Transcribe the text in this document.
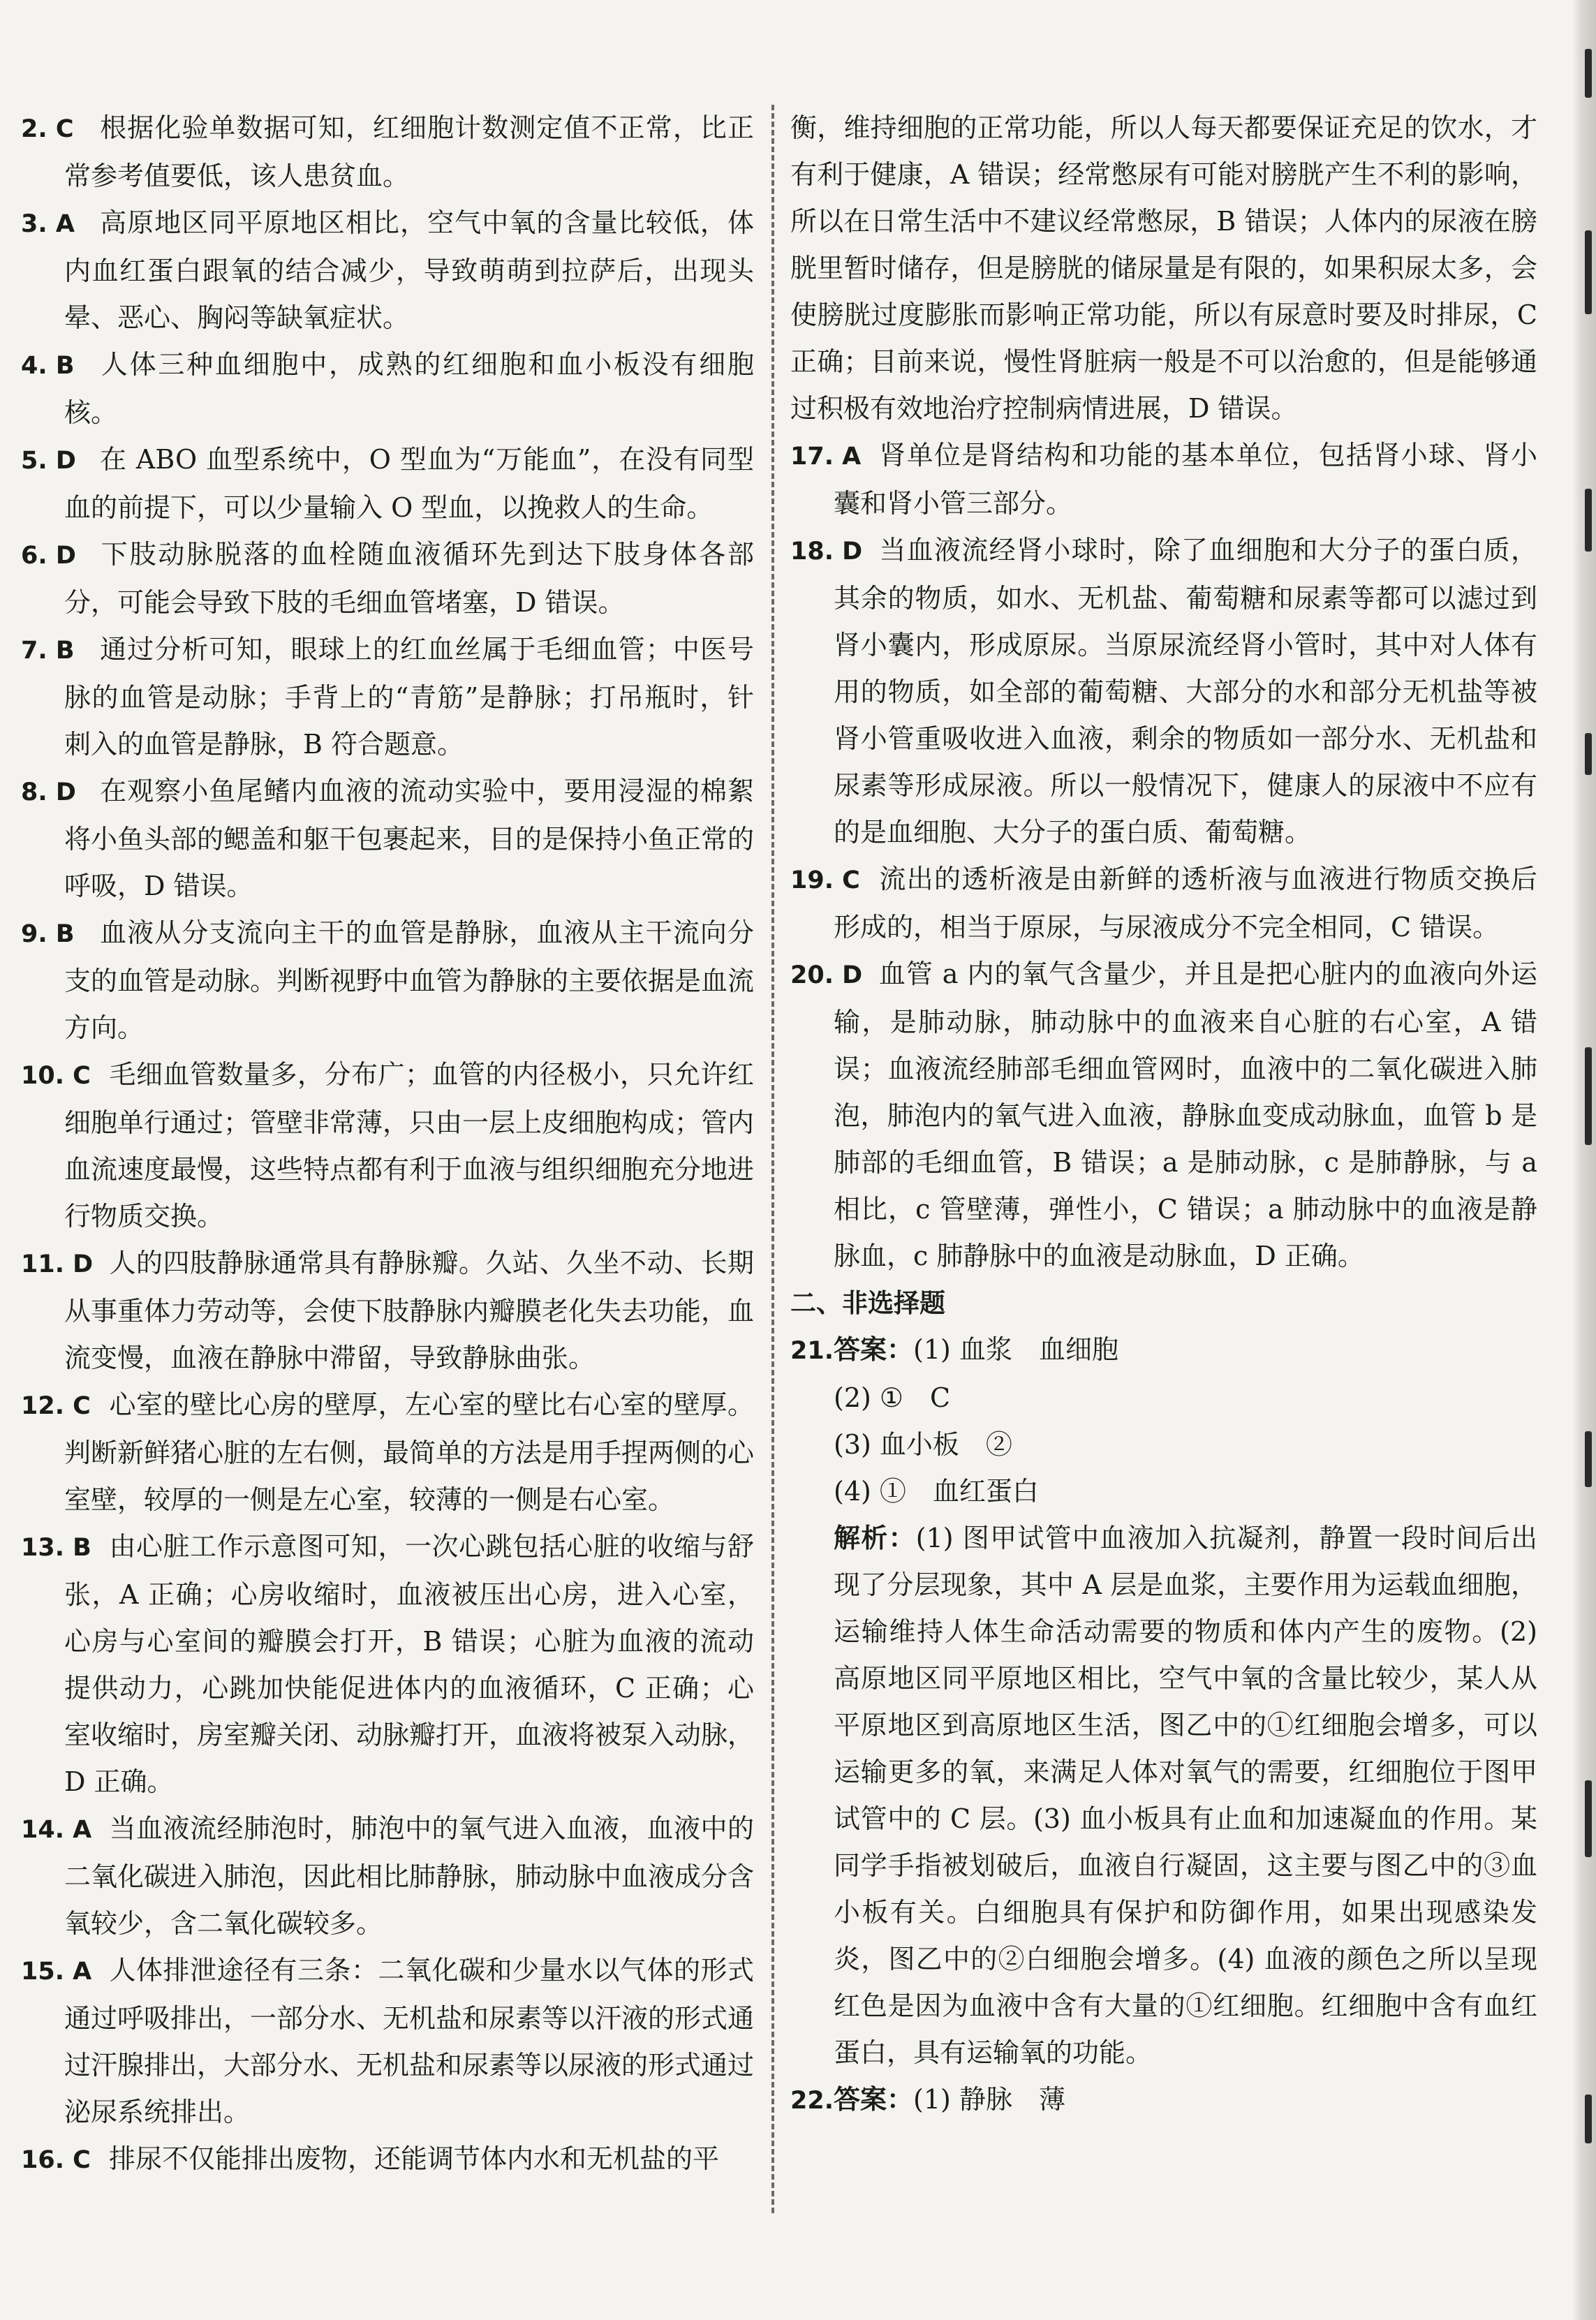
2. C 根据化验单数据可知，红细胞计数测定值不正常，比正常参考值要低，该人患贫血。
3. A 高原地区同平原地区相比，空气中氧的含量比较低，体内血红蛋白跟氧的结合减少，导致萌萌到拉萨后，出现头晕、恶心、胸闷等缺氧症状。
4. B 人体三种血细胞中，成熟的红细胞和血小板没有细胞核。
5. D 在 ABO 血型系统中，O 型血为“万能血”，在没有同型血的前提下，可以少量输入 O 型血，以挽救人的生命。
6. D 下肢动脉脱落的血栓随血液循环先到达下肢身体各部分，可能会导致下肢的毛细血管堵塞，D 错误。
7. B 通过分析可知，眼球上的红血丝属于毛细血管；中医号脉的血管是动脉；手背上的“青筋”是静脉；打吊瓶时，针刺入的血管是静脉，B 符合题意。
8. D 在观察小鱼尾鳍内血液的流动实验中，要用浸湿的棉絮将小鱼头部的鳃盖和躯干包裹起来，目的是保持小鱼正常的呼吸，D 错误。
9. B 血液从分支流向主干的血管是静脉，血液从主干流向分支的血管是动脉。判断视野中血管为静脉的主要依据是血流方向。
10. C 毛细血管数量多，分布广；血管的内径极小，只允许红细胞单行通过；管壁非常薄，只由一层上皮细胞构成；管内血流速度最慢，这些特点都有利于血液与组织细胞充分地进行物质交换。
11. D 人的四肢静脉通常具有静脉瓣。久站、久坐不动、长期从事重体力劳动等，会使下肢静脉内瓣膜老化失去功能，血流变慢，血液在静脉中滞留，导致静脉曲张。
12. C 心室的壁比心房的壁厚，左心室的壁比右心室的壁厚。判断新鲜猪心脏的左右侧，最简单的方法是用手捏两侧的心室壁，较厚的一侧是左心室，较薄的一侧是右心室。
13. B 由心脏工作示意图可知，一次心跳包括心脏的收缩与舒张，A 正确；心房收缩时，血液被压出心房，进入心室，心房与心室间的瓣膜会打开，B 错误；心脏为血液的流动提供动力，心跳加快能促进体内的血液循环，C 正确；心室收缩时，房室瓣关闭、动脉瓣打开，血液将被泵入动脉，D 正确。
14. A 当血液流经肺泡时，肺泡中的氧气进入血液，血液中的二氧化碳进入肺泡，因此相比肺静脉，肺动脉中血液成分含氧较少，含二氧化碳较多。
15. A 人体排泄途径有三条：二氧化碳和少量水以气体的形式通过呼吸排出，一部分水、无机盐和尿素等以汗液的形式通过汗腺排出，大部分水、无机盐和尿素等以尿液的形式通过泌尿系统排出。
16. C 排尿不仅能排出废物，还能调节体内水和无机盐的平
衡，维持细胞的正常功能，所以人每天都要保证充足的饮水，才有利于健康，A 错误；经常憋尿有可能对膀胱产生不利的影响，所以在日常生活中不建议经常憋尿，B 错误；人体内的尿液在膀胱里暂时储存，但是膀胱的储尿量是有限的，如果积尿太多，会使膀胱过度膨胀而影响正常功能，所以有尿意时要及时排尿，C 正确；目前来说，慢性肾脏病一般是不可以治愈的，但是能够通过积极有效地治疗控制病情进展，D 错误。
17. A 肾单位是肾结构和功能的基本单位，包括肾小球、肾小囊和肾小管三部分。
18. D 当血液流经肾小球时，除了血细胞和大分子的蛋白质，其余的物质，如水、无机盐、葡萄糖和尿素等都可以滤过到肾小囊内，形成原尿。当原尿流经肾小管时，其中对人体有用的物质，如全部的葡萄糖、大部分的水和部分无机盐等被肾小管重吸收进入血液，剩余的物质如一部分水、无机盐和尿素等形成尿液。所以一般情况下，健康人的尿液中不应有的是血细胞、大分子的蛋白质、葡萄糖。
19. C 流出的透析液是由新鲜的透析液与血液进行物质交换后形成的，相当于原尿，与尿液成分不完全相同，C 错误。
20. D 血管 a 内的氧气含量少，并且是把心脏内的血液向外运输，是肺动脉，肺动脉中的血液来自心脏的右心室，A 错误；血液流经肺部毛细血管网时，血液中的二氧化碳进入肺泡，肺泡内的氧气进入血液，静脉血变成动脉血，血管 b 是肺部的毛细血管，B 错误；a 是肺动脉，c 是肺静脉，与 a 相比，c 管壁薄，弹性小，C 错误；a 肺动脉中的血液是静脉血，c 肺静脉中的血液是动脉血，D 正确。
二、非选择题
21.答案：(1) 血浆　血细胞
(2) ①　C
(3) 血小板　②
(4) ①　血红蛋白
解析：(1) 图甲试管中血液加入抗凝剂，静置一段时间后出现了分层现象，其中 A 层是血浆，主要作用为运载血细胞，运输维持人体生命活动需要的物质和体内产生的废物。(2) 高原地区同平原地区相比，空气中氧的含量比较少，某人从平原地区到高原地区生活，图乙中的①红细胞会增多，可以运输更多的氧，来满足人体对氧气的需要，红细胞位于图甲试管中的 C 层。(3) 血小板具有止血和加速凝血的作用。某同学手指被划破后，血液自行凝固，这主要与图乙中的③血小板有关。白细胞具有保护和防御作用，如果出现感染发炎，图乙中的②白细胞会增多。(4) 血液的颜色之所以呈现红色是因为血液中含有大量的①红细胞。红细胞中含有血红蛋白，具有运输氧的功能。
22.答案：(1) 静脉　薄
